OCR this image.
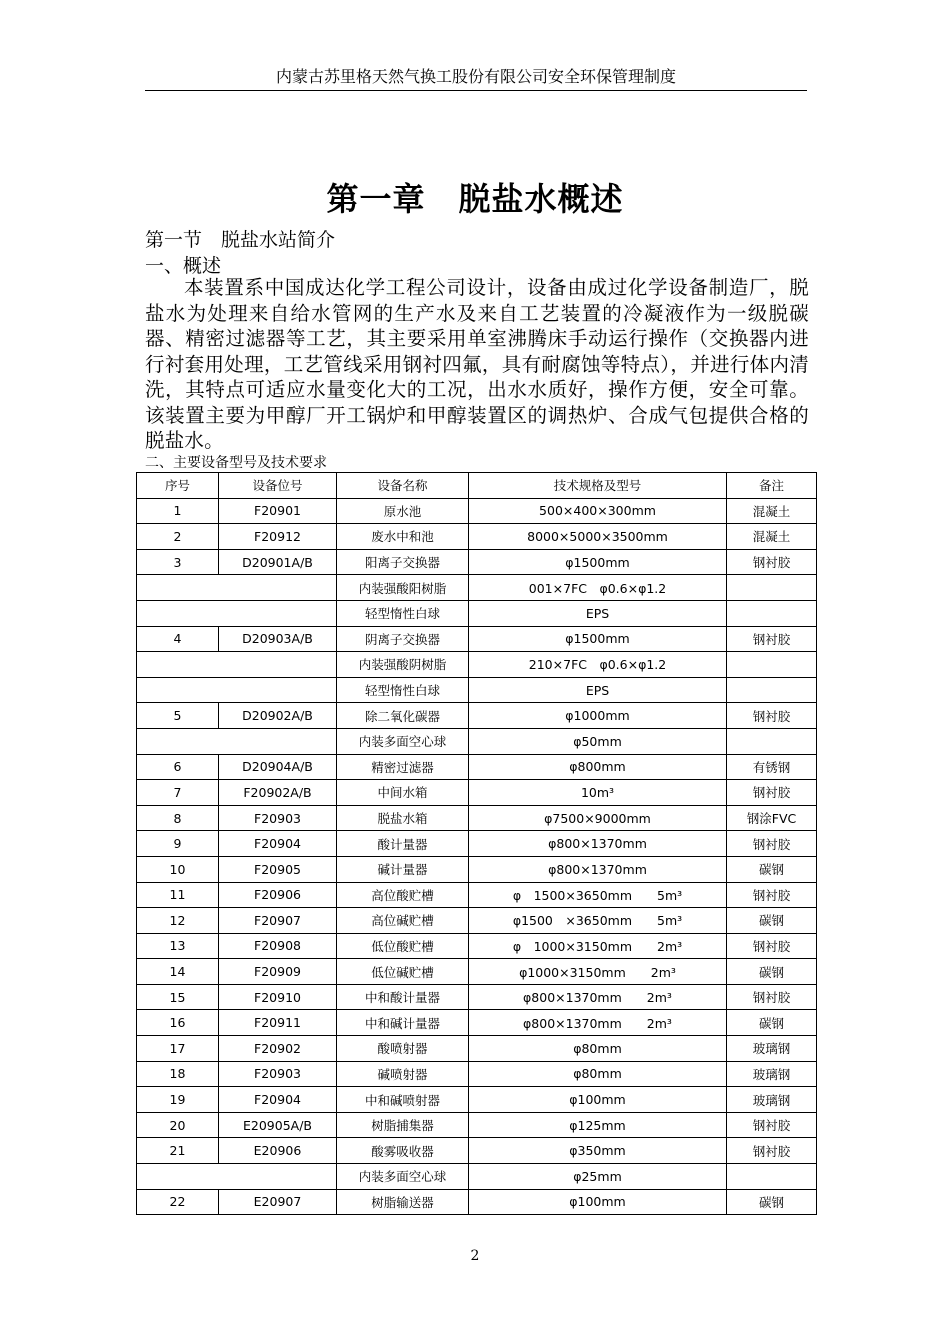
内蒙古苏里格天然气换工股份有限公司安全环保管理制度
第一章　脱盐水概述
第一节　脱盐水站简介
一、概述
本装置系中国成达化学工程公司设计，设备由成过化学设备制造厂，脱盐水为处理来自给水管网的生产水及来自工艺装置的冷凝液作为一级脱碳器、精密过滤器等工艺，其主要采用单室沸腾床手动运行操作（交换器内进行衬套用处理，工艺管线采用钢衬四氟，具有耐腐蚀等特点），并进行体内清洗，其特点可适应水量变化大的工况，出水水质好，操作方便，安全可靠。该装置主要为甲醇厂开工锅炉和甲醇装置区的调热炉、合成气包提供合格的脱盐水。
二、主要设备型号及技术要求
序号	设备位号	设备名称	技术规格及型号	备注
1	F20901	原水池	500×400×300mm	混凝土
2	F20912	废水中和池	8000×5000×3500mm	混凝土
3	D20901A/B	阳离子交换器	φ1500mm	钢衬胶
		内装强酸阳树脂	001×7FC　φ0.6×φ1.2	
		轻型惰性白球	EPS	
4	D20903A/B	阴离子交换器	φ1500mm	钢衬胶
		内装强酸阴树脂	210×7FC　φ0.6×φ1.2	
		轻型惰性白球	EPS	
5	D20902A/B	除二氧化碳器	φ1000mm	钢衬胶
		内装多面空心球	φ50mm	
6	D20904A/B	精密过滤器	φ800mm	有锈钢
7	F20902A/B	中间水箱	10m³	钢衬胶
8	F20903	脱盐水箱	φ7500×9000mm	钢涂FVC
9	F20904	酸计量器	φ800×1370mm	钢衬胶
10	F20905	碱计量器	φ800×1370mm	碳钢
11	F20906	高位酸贮槽	φ　1500×3650mm　　5m³	钢衬胶
12	F20907	高位碱贮槽	φ1500　×3650mm　　5m³	碳钢
13	F20908	低位酸贮槽	φ　1000×3150mm　　2m³	钢衬胶
14	F20909	低位碱贮槽	φ1000×3150mm　　2m³	碳钢
15	F20910	中和酸计量器	φ800×1370mm　　2m³	钢衬胶
16	F20911	中和碱计量器	φ800×1370mm　　2m³	碳钢
17	F20902	酸喷射器	φ80mm	玻璃钢
18	F20903	碱喷射器	φ80mm	玻璃钢
19	F20904	中和碱喷射器	φ100mm	玻璃钢
20	E20905A/B	树脂捕集器	φ125mm	钢衬胶
21	E20906	酸雾吸收器	φ350mm	钢衬胶
		内装多面空心球	φ25mm	
22	E20907	树脂输送器	φ100mm	碳钢
2
